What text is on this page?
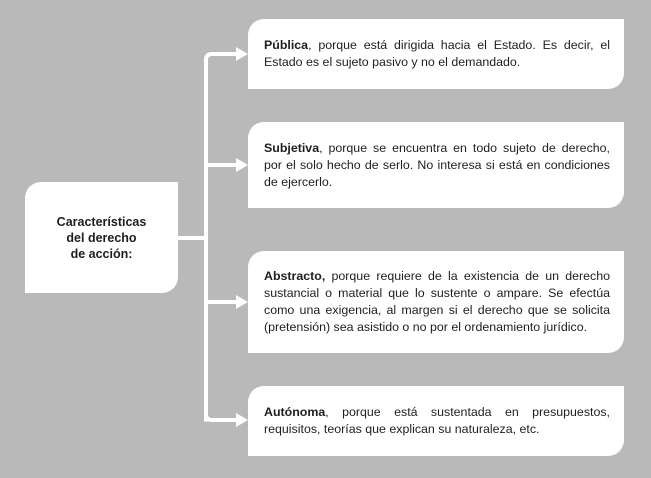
Características
del derecho
de acción:

Pública, porque está dirigida hacia el Estado. Es decir, el Estado es el sujeto pasivo y no el demandado.

Subjetiva, porque se encuentra en todo sujeto de derecho, por el solo hecho de serlo. No interesa si está en condiciones de ejercerlo.

Abstracto, porque requiere de la existencia de un derecho sustancial o material que lo sustente o ampare. Se efectúa como una exigencia, al margen si el derecho que se solicita (pretensión) sea asistido o no por el ordenamiento jurídico.

Autónoma, porque está sustentada en presupuestos, requisitos, teorías que explican su naturaleza, etc.
